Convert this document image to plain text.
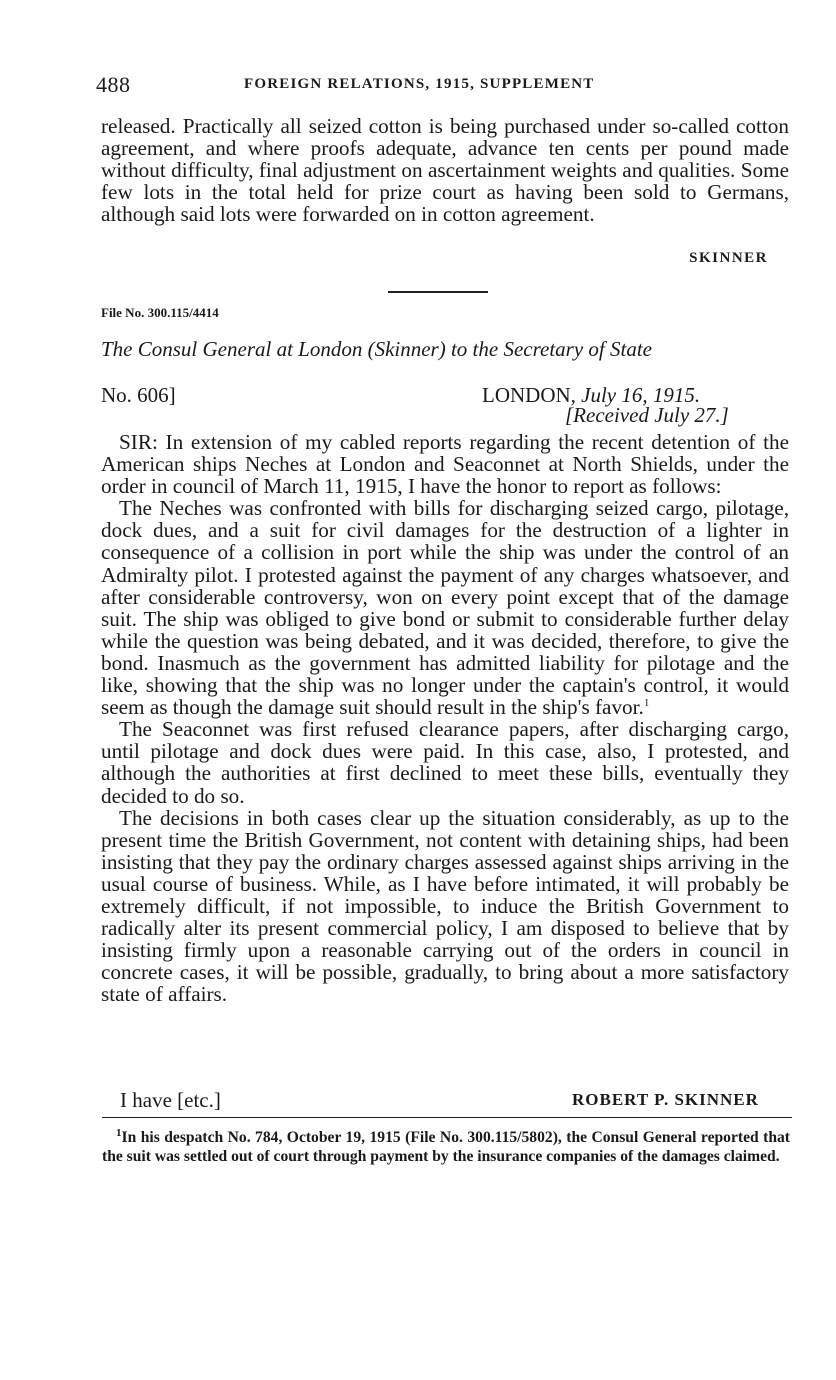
488	FOREIGN RELATIONS, 1915, SUPPLEMENT

released. Practically all seized cotton is being purchased under so-called cotton agreement, and where proofs adequate, advance ten cents per pound made without difficulty, final adjustment on ascertainment weights and qualities. Some few lots in the total held for prize court as having been sold to Germans, although said lots were forwarded on in cotton agreement.

SKINNER
File No. 300.115/4414
The Consul General at London (Skinner) to the Secretary of State
No. 606]	LONDON, July 16, 1915.
[Received July 27.]

SIR: In extension of my cabled reports regarding the recent detention of the American ships Neches at London and Seaconnet at North Shields, under the order in council of March 11, 1915, I have the honor to report as follows:

The Neches was confronted with bills for discharging seized cargo, pilotage, dock dues, and a suit for civil damages for the destruction of a lighter in consequence of a collision in port while the ship was under the control of an Admiralty pilot. I protested against the payment of any charges whatsoever, and after considerable controversy, won on every point except that of the damage suit. The ship was obliged to give bond or submit to considerable further delay while the question was being debated, and it was decided, therefore, to give the bond. Inasmuch as the government has admitted liability for pilotage and the like, showing that the ship was no longer under the captain's control, it would seem as though the damage suit should result in the ship's favor.$^1$

The Seaconnet was first refused clearance papers, after discharging cargo, until pilotage and dock dues were paid. In this case, also, I protested, and although the authorities at first declined to meet these bills, eventually they decided to do so.

The decisions in both cases clear up the situation considerably, as up to the present time the British Government, not content with detaining ships, had been insisting that they pay the ordinary charges assessed against ships arriving in the usual course of business. While, as I have before intimated, it will probably be extremely difficult, if not impossible, to induce the British Government to radically alter its present commercial policy, I am disposed to believe that by insisting firmly upon a reasonable carrying out of the orders in council in concrete cases, it will be possible, gradually, to bring about a more satisfactory state of affairs.

I have [etc.]	ROBERT P. SKINNER

$^1$In his despatch No. 784, October 19, 1915 (File No. 300.115/5802), the Consul General reported that the suit was settled out of court through payment by the insurance companies of the damages claimed.
